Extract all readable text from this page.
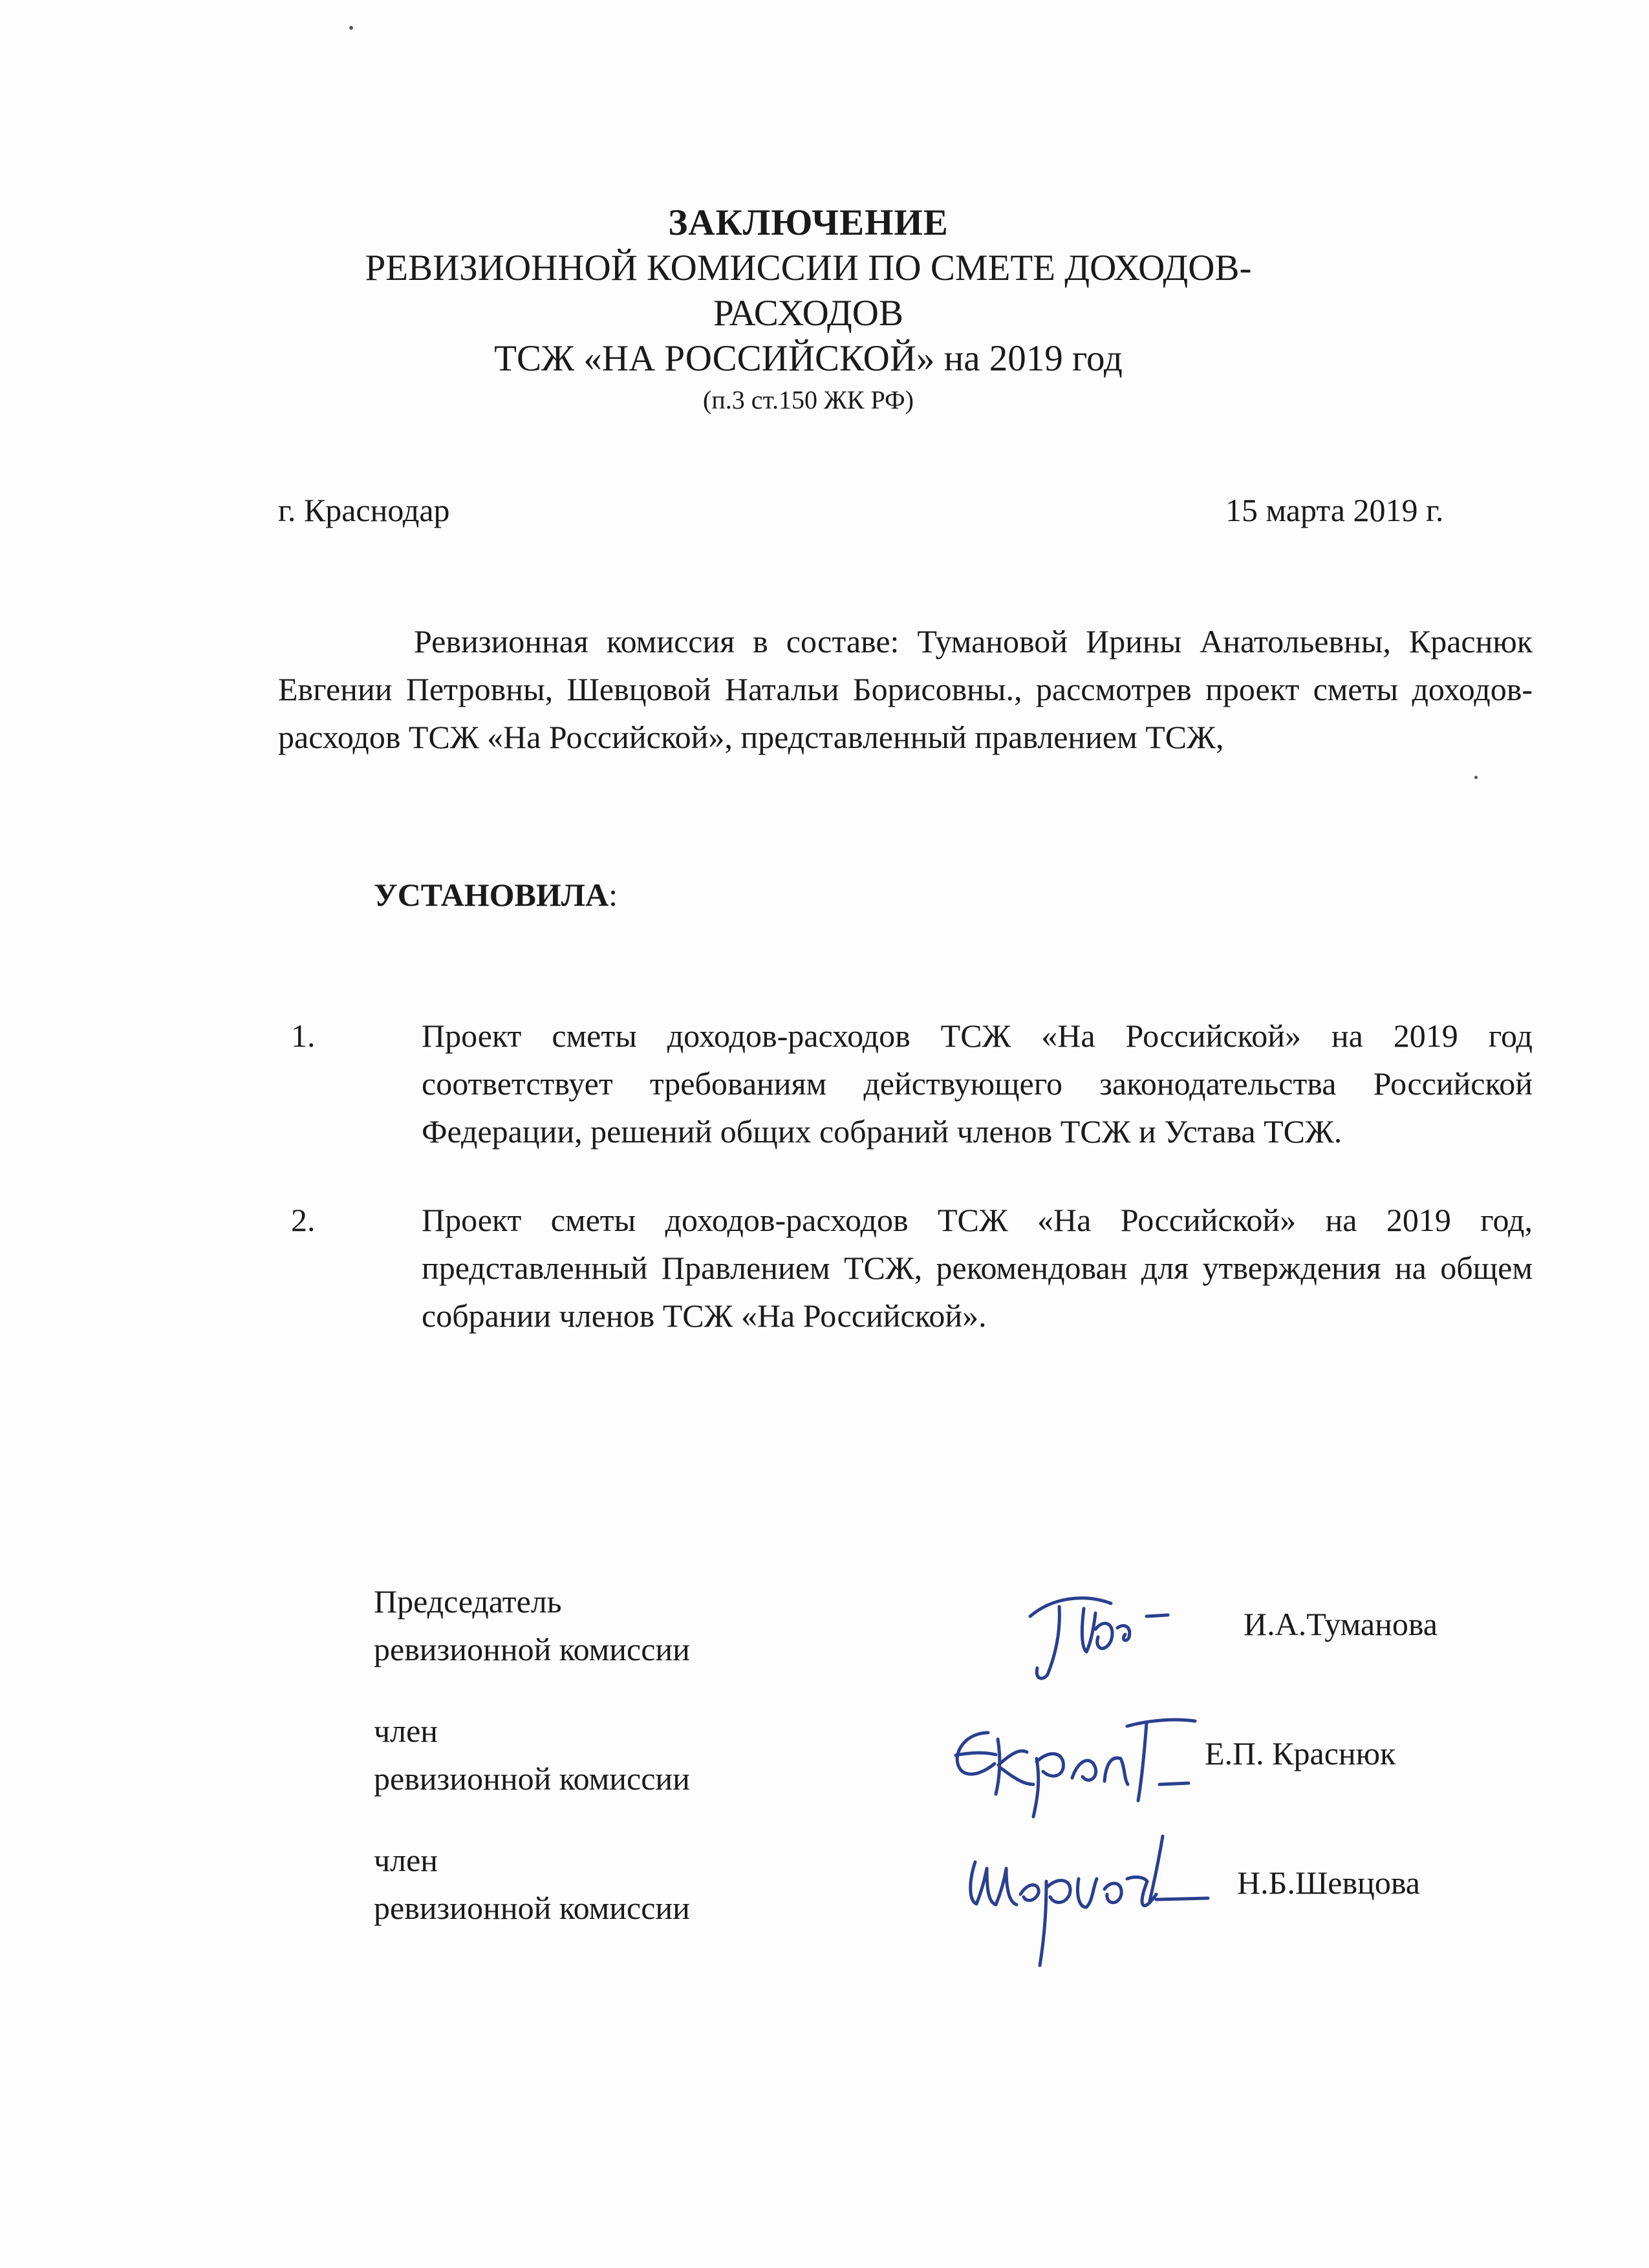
ЗАКЛЮЧЕНИЕ
РЕВИЗИОННОЙ КОМИССИИ ПО СМЕТЕ ДОХОДОВ-
РАСХОДОВ
ТСЖ «НА РОССИЙСКОЙ» на 2019 год
(п.3 ст.150 ЖК РФ)
г. Краснодар	15 марта 2019 г.

Ревизионная комиссия в составе: Тумановой Ирины Анатольевны, Краснюк Евгении Петровны, Шевцовой Натальи Борисовны., рассмотрев проект сметы доходов-расходов ТСЖ «На Российской», представленный правлением ТСЖ,

УСТАНОВИЛА:
1.	Проект сметы доходов-расходов ТСЖ «На Российской» на 2019 год соответствует требованиям действующего законодательства Российской Федерации, решений общих собраний членов ТСЖ и Устава ТСЖ.
2.	Проект сметы доходов-расходов ТСЖ «На Российской» на 2019 год, представленный Правлением ТСЖ, рекомендован для утверждения на общем собрании членов ТСЖ «На Российской».
Председатель
ревизионной комиссии
И.А.Туманова
член
ревизионной комиссии
Е.П. Краснюк
член
ревизионной комиссии
Н.Б.Шевцова
